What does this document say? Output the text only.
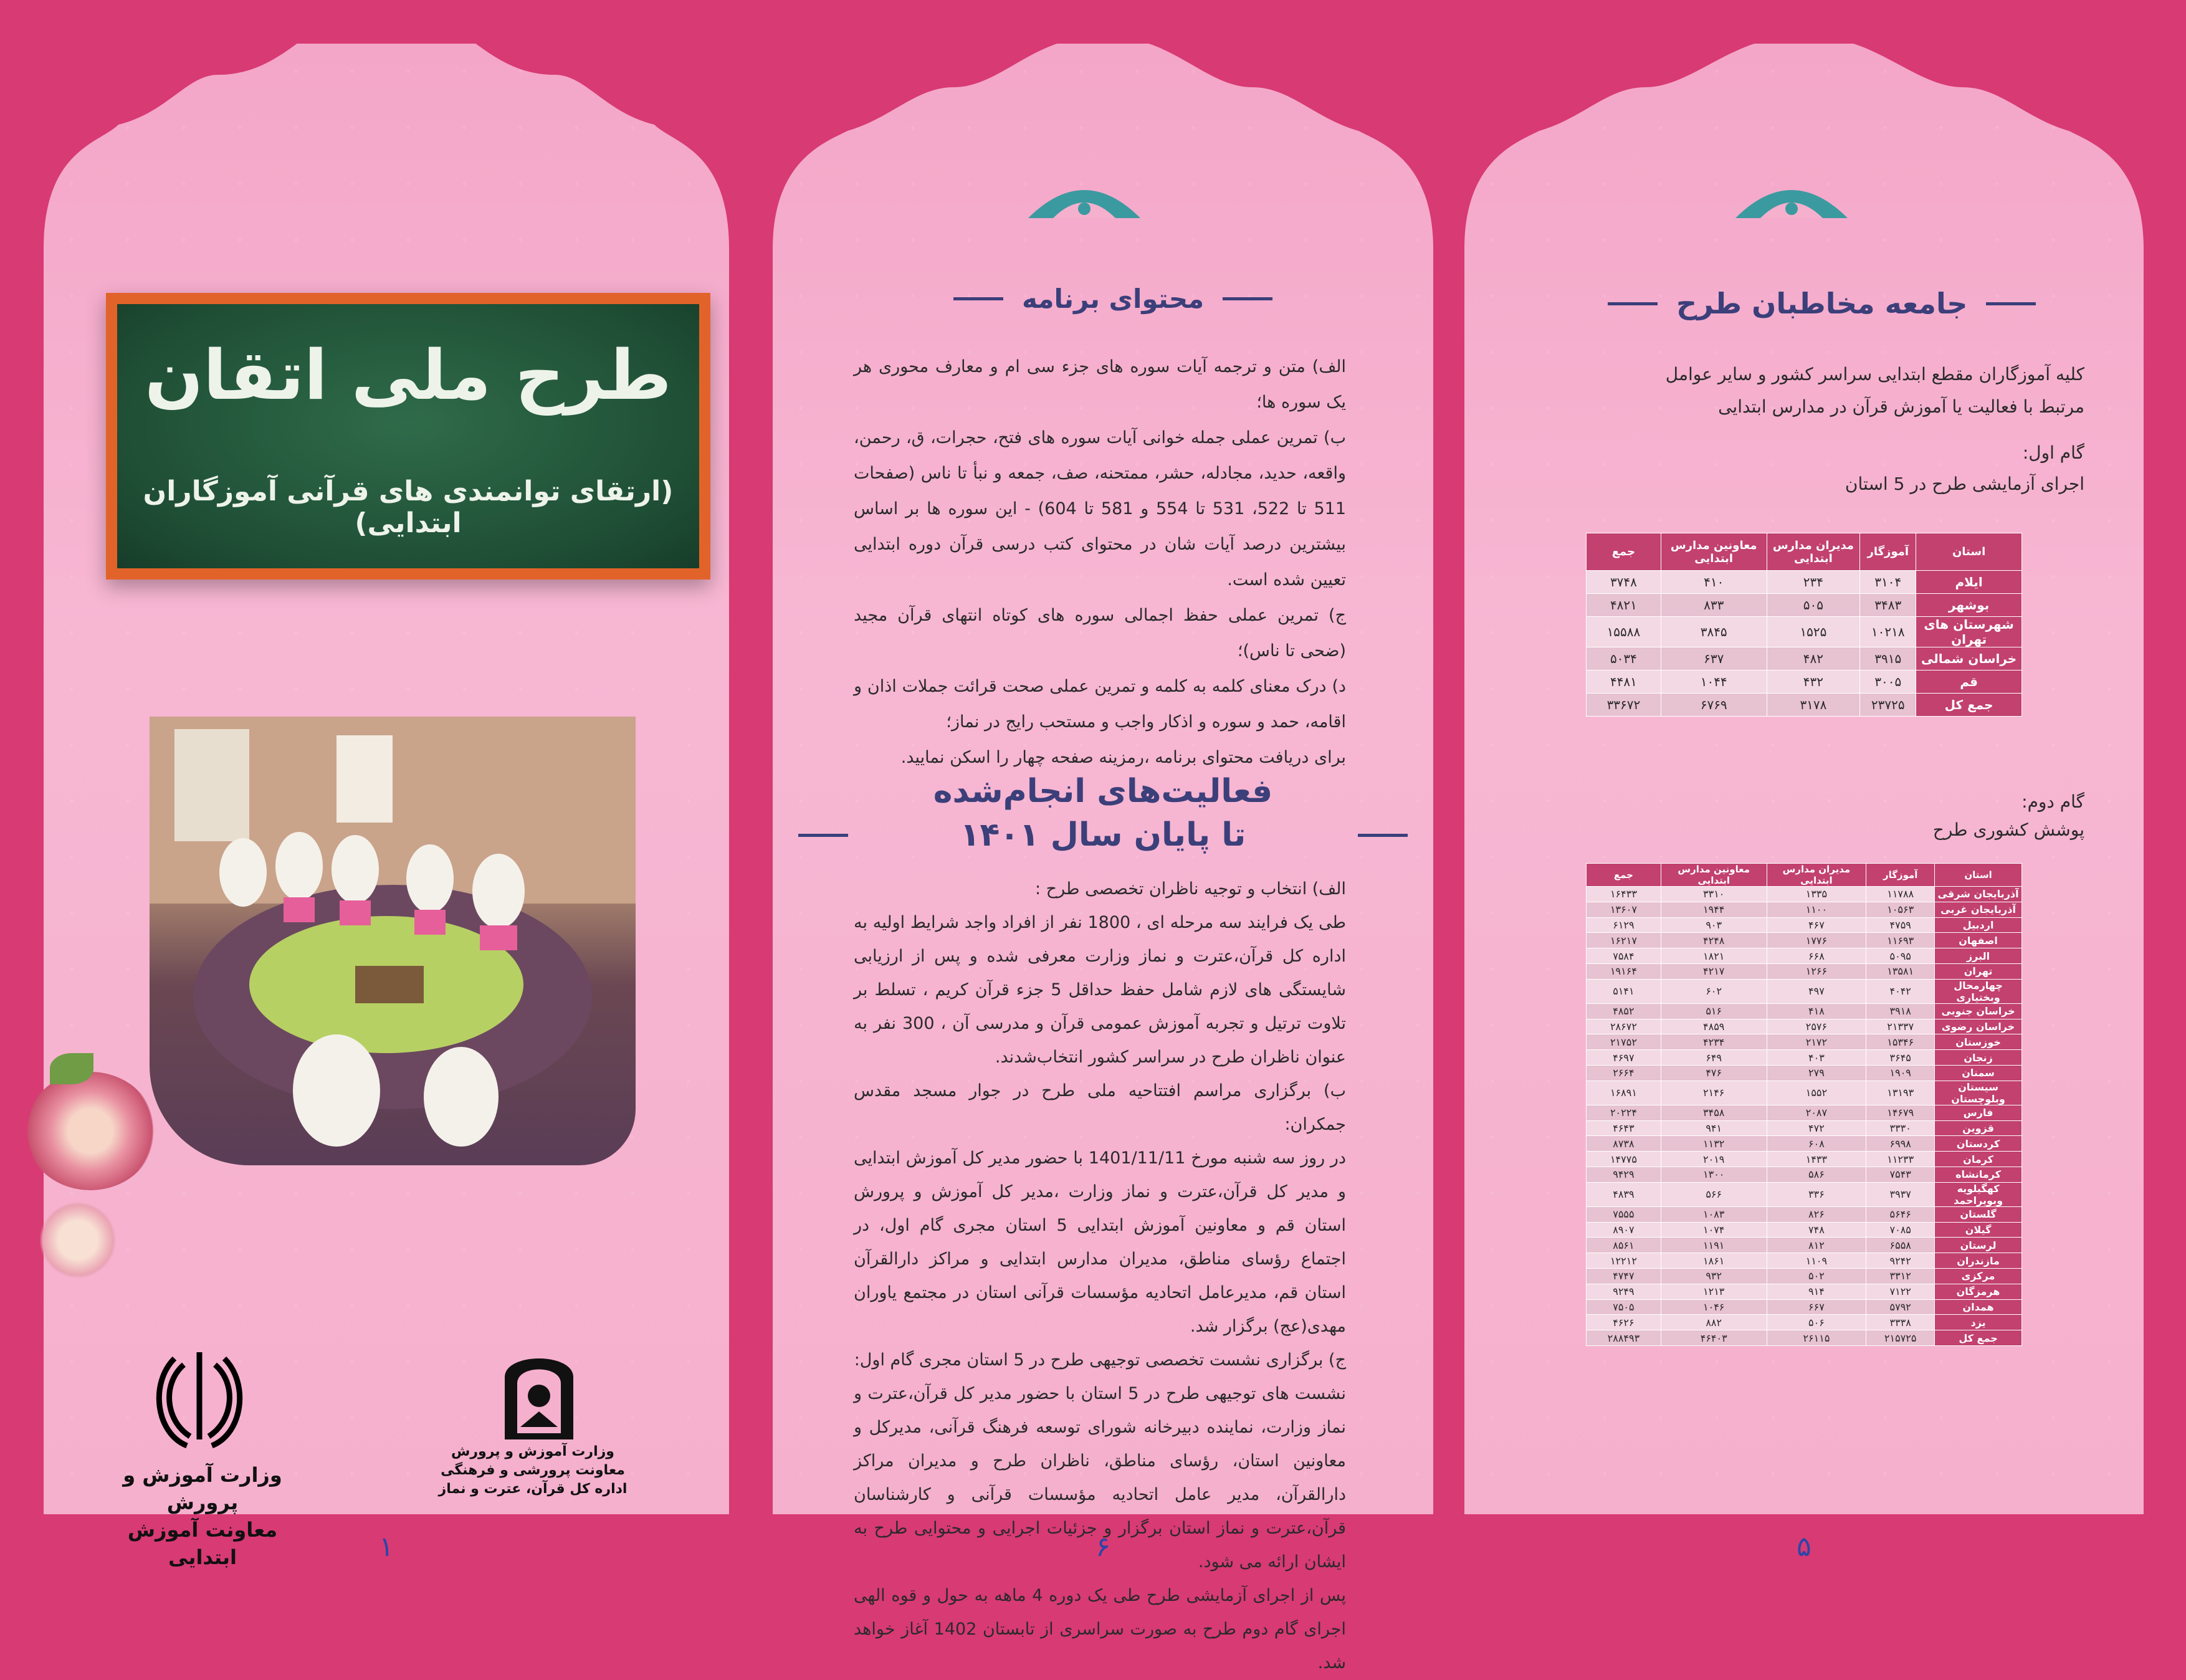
طرح ملی اتقان
(ارتقای توانمندی های قرآنی آموزگاران ابتدایی)
وزارت آموزش و پرورش
معاونت آموزش ابتدایی
وزارت آموزش و پرورش
معاونت پرورشی و فرهنگی
اداره کل قرآن، عترت و نماز
۱
محتوای برنامه

الف) متن و ترجمه آیات سوره های جزء سی ام و معارف محوری هر یک سوره ها؛

ب) تمرین عملی جمله خوانی آیات سوره های فتح، حجرات، ق، رحمن، واقعه، حدید، مجادله، حشر، ممتحنه، صف، جمعه و نبأ تا ناس (صفحات 511 تا 522، 531 تا 554 و 581 تا 604) - این سوره ها بر اساس بیشترین درصد آیات شان در محتوای کتب درسی قرآن دوره ابتدایی تعیین شده است.

ج) تمرین عملی حفظ اجمالی سوره های کوتاه انتهای قرآن مجید (ضحی تا ناس)؛

د) درک معنای کلمه به کلمه و تمرین عملی صحت قرائت جملات اذان و اقامه، حمد و سوره و اذکار واجب و مستحب رایج در نماز؛

برای دریافت محتوای برنامه ،رمزینه صفحه چهار را اسکن نمایید.

فعالیت‌های انجام‌شده
تا پایان سال ۱۴۰۱

الف) انتخاب و توجیه ناظران تخصصی طرح :

طی یک فرایند سه مرحله ای ، 1800 نفر از افراد واجد شرایط اولیه به اداره کل قرآن،عترت و نماز وزارت معرفی شده و پس از ارزیابی شایستگی های لازم شامل حفظ حداقل 5 جزء قرآن کریم ، تسلط بر تلاوت ترتیل و تجربه آموزش عمومی قرآن و مدرسی آن ، 300 نفر به عنوان ناظران طرح در سراسر کشور انتخاب‌شدند.

ب) برگزاری مراسم افتتاحیه ملی طرح در جوار مسجد مقدس جمکران:

در روز سه شنبه مورخ 1401/11/11 با حضور مدیر کل آموزش ابتدایی و مدیر کل قرآن،عترت و نماز وزارت ،مدیر کل آموزش و پرورش استان قم و معاونین آموزش ابتدایی 5 استان مجری گام اول، در اجتماع رؤسای مناطق، مدیران مدارس ابتدایی و مراکز دارالقرآن استان قم، مدیرعامل اتحادیه مؤسسات قرآنی استان در مجتمع یاوران مهدی(عج) برگزار شد.

ج) برگزاری نشست تخصصی توجیهی طرح در 5 استان مجری گام اول:

نشست های توجیهی طرح در 5 استان با حضور مدیر کل قرآن،عترت و نماز وزارت، نماینده دبیرخانه شورای توسعه فرهنگ قرآنی، مدیرکل و معاونین استان، رؤسای مناطق، ناظران طرح و مدیران مراکز دارالقرآن، مدیر عامل اتحادیه مؤسسات قرآنی و کارشناسان قرآن،عترت و نماز استان برگزار و جزئیات اجرایی و محتوایی طرح به ایشان ارائه می شود.

پس از اجرای آزمایشی طرح طی یک دوره 4 ماهه به حول و قوه الهی اجرای گام دوم طرح به صورت سراسری از تابستان 1402 آغاز خواهد شد.

۶
جامعه مخاطبان طرح
کلیه آموزگاران مقطع ابتدایی سراسر کشور و سایر عوامل مرتبط با فعالیت یا آموزش قرآن در مدارس ابتدایی
گام اول:
اجرای آزمایشی طرح در 5 استان
استان	آموزگار	مدیران مدارس ابتدایی	معاونین مدارس ابتدایی	جمع
ایلام	۳۱۰۴	۲۳۴	۴۱۰	۳۷۴۸
بوشهر	۳۴۸۳	۵۰۵	۸۳۳	۴۸۲۱
شهرستان های تهران	۱۰۲۱۸	۱۵۲۵	۳۸۴۵	۱۵۵۸۸
خراسان شمالی	۳۹۱۵	۴۸۲	۶۳۷	۵۰۳۴
قم	۳۰۰۵	۴۳۲	۱۰۴۴	۴۴۸۱
جمع کل	۲۳۷۲۵	۳۱۷۸	۶۷۶۹	۳۳۶۷۲
گام دوم:
پوشش کشوری طرح
استان	آموزگار	مدیران مدارس ابتدایی	معاونین مدارس ابتدایی	جمع
آذربایجان شرقی	۱۱۷۸۸	۱۳۳۵	۳۳۱۰	۱۶۴۳۳
آذربایجان غربی	۱۰۵۶۳	۱۱۰۰	۱۹۴۴	۱۳۶۰۷
اردبیل	۴۷۵۹	۴۶۷	۹۰۳	۶۱۲۹
اصفهان	۱۱۶۹۳	۱۷۷۶	۴۲۴۸	۱۶۲۱۷
البرز	۵۰۹۵	۶۶۸	۱۸۲۱	۷۵۸۴
تهران	۱۳۵۸۱	۱۲۶۶	۴۲۱۷	۱۹۱۶۴
چهارمحال وبختیاری	۴۰۴۲	۴۹۷	۶۰۲	۵۱۴۱
خراسان جنوبی	۳۹۱۸	۴۱۸	۵۱۶	۴۸۵۲
خراسان رضوی	۲۱۳۳۷	۲۵۷۶	۴۸۵۹	۲۸۶۷۲
خوزستان	۱۵۳۴۶	۲۱۷۲	۴۲۳۴	۲۱۷۵۲
زنجان	۳۶۴۵	۴۰۳	۶۴۹	۴۶۹۷
سمنان	۱۹۰۹	۲۷۹	۴۷۶	۲۶۶۴
سیستان وبلوچستان	۱۳۱۹۳	۱۵۵۲	۲۱۴۶	۱۶۸۹۱
فارس	۱۴۶۷۹	۲۰۸۷	۳۴۵۸	۲۰۲۲۴
قزوین	۳۳۳۰	۴۷۲	۹۴۱	۴۶۴۳
کردستان	۶۹۹۸	۶۰۸	۱۱۳۲	۸۷۳۸
کرمان	۱۱۲۳۳	۱۴۳۳	۲۰۱۹	۱۴۷۷۵
کرمانشاه	۷۵۴۳	۵۸۶	۱۳۰۰	۹۴۲۹
کهگیلویه وبویراحمد	۳۹۳۷	۳۳۶	۵۶۶	۴۸۳۹
گلستان	۵۶۴۶	۸۲۶	۱۰۸۳	۷۵۵۵
گیلان	۷۰۸۵	۷۴۸	۱۰۷۴	۸۹۰۷
لرستان	۶۵۵۸	۸۱۲	۱۱۹۱	۸۵۶۱
مازندران	۹۲۴۲	۱۱۰۹	۱۸۶۱	۱۲۲۱۲
مرکزی	۳۳۱۲	۵۰۲	۹۳۲	۴۷۴۷
هرمزگان	۷۱۲۲	۹۱۴	۱۲۱۳	۹۲۴۹
همدان	۵۷۹۲	۶۶۷	۱۰۴۶	۷۵۰۵
یزد	۳۳۳۸	۵۰۶	۸۸۲	۴۶۲۶
جمع کل	۲۱۵۷۲۵	۲۶۱۱۵	۴۶۴۰۳	۲۸۸۴۹۳
۵
